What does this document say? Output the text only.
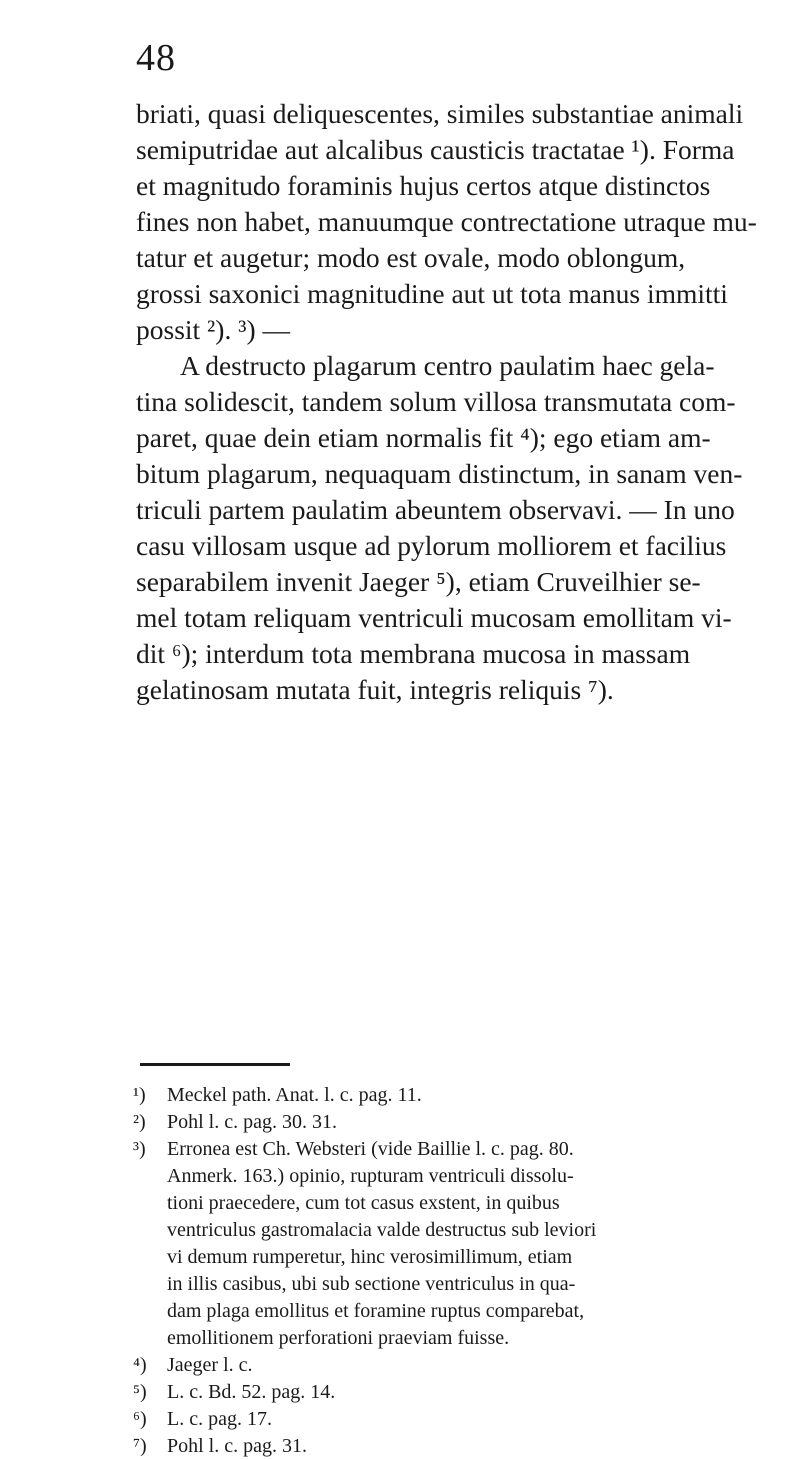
48
briati, quasi deliquescentes, similes substantiae animali
semiputridae aut alcalibus causticis tractatae ¹). Forma
et magnitudo foraminis hujus certos atque distinctos
fines non habet, manuumque contrectatione utraque mu-
tatur et augetur; modo est ovale, modo oblongum,
grossi saxonici magnitudine aut ut tota manus immitti
possit ²). ³) —
A destructo plagarum centro paulatim haec gela-
tina solidescit, tandem solum villosa transmutata com-
paret, quae dein etiam normalis fit ⁴); ego etiam am-
bitum plagarum, nequaquam distinctum, in sanam ven-
triculi partem paulatim abeuntem observavi. — In uno
casu villosam usque ad pylorum molliorem et facilius
separabilem invenit Jaeger ⁵), etiam Cruveilhier se-
mel totam reliquam ventriculi mucosam emollitam vi-
dit ⁶); interdum tota membrana mucosa in massam
gelatinosam mutata fuit, integris reliquis ⁷).
¹) Meckel path. Anat. l. c. pag. 11.
²) Pohl l. c. pag. 30. 31.
³) Erronea est Ch. Websteri (vide Baillie l. c. pag. 80.
Anmerk. 163.) opinio, rupturam ventriculi dissolu-
tioni praecedere, cum tot casus exstent, in quibus
ventriculus gastromalacia valde destructus sub leviori
vi demum rumperetur, hinc verosimillimum, etiam
in illis casibus, ubi sub sectione ventriculus in qua-
dam plaga emollitus et foramine ruptus comparebat,
emollitionem perforationi praeviam fuisse.
⁴) Jaeger l. c.
⁵) L. c. Bd. 52. pag. 14.
⁶) L. c. pag. 17.
⁷) Pohl l. c. pag. 31.
